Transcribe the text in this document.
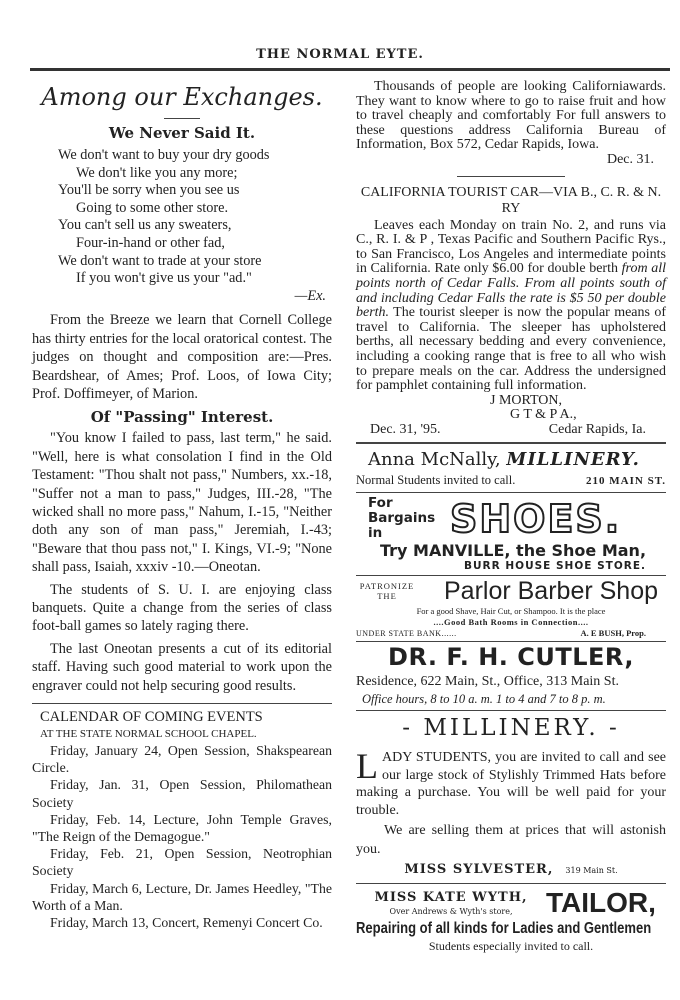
THE NORMAL EYTE.
Among our Exchanges.
We Never Said It.
We don't want to buy your dry goods
We don't like you any more;
You'll be sorry when you see us
Going to some other store.
You can't sell us any sweaters,
Four-in-hand or other fad,
We don't want to trade at your store
If you won't give us your "ad."
—Ex.

From the Breeze we learn that Cornell College has thirty entries for the local oratorical contest. The judges on thought and composition are:—Pres. Beardshear, of Ames; Prof. Loos, of Iowa City; Prof. Doffimeyer, of Marion.

Of "Passing" Interest.

"You know I failed to pass, last term," he said. "Well, here is what consolation I find in the Old Testament: "Thou shalt not pass," Numbers, xx.-18, "Suffer not a man to pass," Judges, III.-28, "The wicked shall no more pass," Nahum, I.-15, "Neither doth any son of man pass," Jeremiah, I.-43; "Beware that thou pass not," I. Kings, VI.-9; "None shall pass, Isaiah, xxxiv -10.—Oneotan.

The students of S. U. I. are enjoying class banquets. Quite a change from the series of class foot-ball games so lately raging there.

The last Oneotan presents a cut of its editorial staff. Having such good material to work upon the engraver could not help securing good results.

CALENDAR OF COMING EVENTS
AT THE STATE NORMAL SCHOOL CHAPEL.

Friday, January 24, Open Session, Shakspearean Circle.

Friday, Jan. 31, Open Session, Philomathean Society

Friday, Feb. 14, Lecture, John Temple Graves, "The Reign of the Demagogue."

Friday, Feb. 21, Open Session, Neotrophian Society

Friday, March 6, Lecture, Dr. James Heedley, "The Worth of a Man.

Friday, March 13, Concert, Remenyi Concert Co.

Thousands of people are looking Californiawards. They want to know where to go to raise fruit and how to travel cheaply and comfortably For full answers to these questions address California Bureau of Information, Box 572, Cedar Rapids, Iowa.
Dec. 31.

CALIFORNIA TOURIST CAR—VIA B., C. R. & N. RY

Leaves each Monday on train No. 2, and runs via C., R. I. & P , Texas Pacific and Southern Pacific Rys., to San Francisco, Los Angeles and intermediate points in California. Rate only $6.00 for double berth from all points north of Cedar Falls. From all points south of and including Cedar Falls the rate is $5 50 per double berth. The tourist sleeper is now the popular means of travel to California. The sleeper has upholstered berths, all necessary bedding and every convenience, including a cooking range that is free to all who wish to prepare meals on the car. Address the undersigned for pamphlet containing full information.

J MORTON,
G T & P A.,
Dec. 31, '95.	Cedar Rapids, Ia.
Anna McNally, MILLINERY.
Normal Students invited to call.	210 MAIN ST.
For Bargains in	SHOES.
Try MANVILLE, the Shoe Man,
BURR HOUSE SHOE STORE.
PATRONIZE THE	Parlor Barber Shop
For a good Shave, Hair Cut, or Shampoo. It is the place
....Good Bath Rooms in Connection....
UNDER STATE BANK......	A. E BUSH, Prop.
DR. F. H. CUTLER,
Residence, 622 Main, St., Office, 313 Main St.
Office hours, 8 to 10 a. m. 1 to 4 and 7 to 8 p. m.
- MILLINERY. -
L ADY STUDENTS, you are invited to call and see our large stock of Stylishly Trimmed Hats before making a purchase. You will be well paid for your trouble.

We are selling them at prices that will astonish you.

MISS SYLVESTER, 319 Main St.
MISS KATE WYTH,
Over Andrews & Wyth's store,	TAILOR,
Repairing of all kinds for Ladies and Gentlemen
Students especially invited to call.
